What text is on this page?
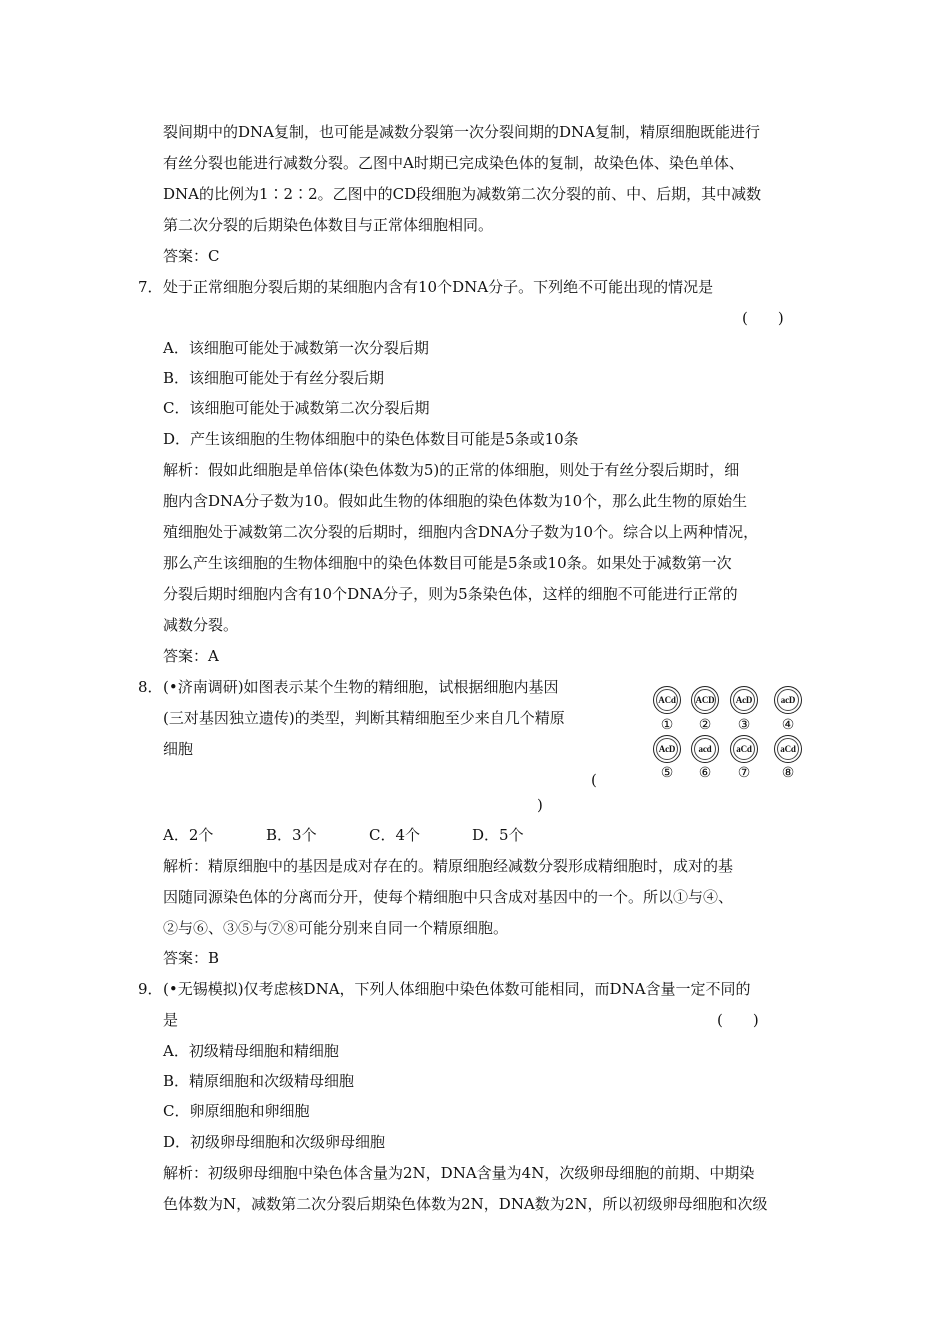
裂间期中的DNA复制，也可能是减数分裂第一次分裂间期的DNA复制，精原细胞既能进行
有丝分裂也能进行减数分裂。乙图中A时期已完成染色体的复制，故染色体、染色单体、
DNA的比例为1∶2∶2。乙图中的CD段细胞为减数第二次分裂的前、中、后期，其中减数
第二次分裂的后期染色体数目与正常体细胞相同。
答案：C
7． 处于正常细胞分裂后期的某细胞内含有10个DNA分子。下列绝不可能出现的情况是
(　　)
A．该细胞可能处于减数第一次分裂后期
B．该细胞可能处于有丝分裂后期
C．该细胞可能处于减数第二次分裂后期
D．产生该细胞的生物体细胞中的染色体数目可能是5条或10条
解析：假如此细胞是单倍体(染色体数为5)的正常的体细胞，则处于有丝分裂后期时，细
胞内含DNA分子数为10。假如此生物的体细胞的染色体数为10个，那么此生物的原始生
殖细胞处于减数第二次分裂的后期时，细胞内含DNA分子数为10个。综合以上两种情况，
那么产生该细胞的生物体细胞中的染色体数目可能是5条或10条。如果处于减数第一次
分裂后期时细胞内含有10个DNA分子，则为5条染色体，这样的细胞不可能进行正常的
减数分裂。
答案：A
8． (•济南调研)如图表示某个生物的精细胞，试根据细胞内基因
(三对基因独立遗传)的类型，判断其精细胞至少来自几个精原
细胞
(
)
ACd
①
ACD
②
AcD
③
acD
④
AcD
⑤
acd
⑥
aCd
⑦
aCd
⑧
A．2个	B．3个	C．4个	D．5个
解析：精原细胞中的基因是成对存在的。精原细胞经减数分裂形成精细胞时，成对的基
因随同源染色体的分离而分开，使每个精细胞中只含成对基因中的一个。所以①与④、
②与⑥、③⑤与⑦⑧可能分别来自同一个精原细胞。
答案：B
9． (•无锡模拟)仅考虑核DNA，下列人体细胞中染色体数可能相同，而DNA含量一定不同的
是	(　　)
A．初级精母细胞和精细胞
B．精原细胞和次级精母细胞
C．卵原细胞和卵细胞
D．初级卵母细胞和次级卵母细胞
解析：初级卵母细胞中染色体含量为2N，DNA含量为4N，次级卵母细胞的前期、中期染
色体数为N，减数第二次分裂后期染色体数为2N，DNA数为2N，所以初级卵母细胞和次级
